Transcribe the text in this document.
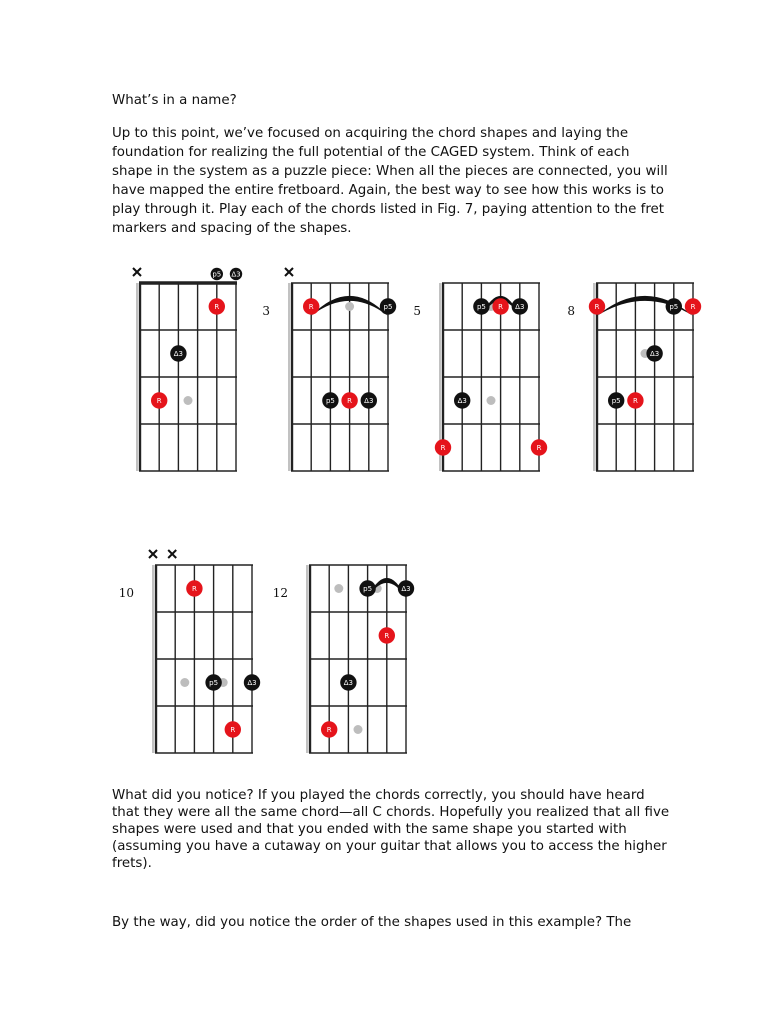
What’s in a name?

Up to this point, we’ve focused on acquiring the chord shapes and laying the foundation for realizing the full potential of the CAGED system. Think of each shape in the system as a puzzle piece: When all the pieces are connected, you will have mapped the entire fretboard. Again, the best way to see how this works is to play through it. Play each of the chords listed in Fig. 7, paying attention to the fret markers and spacing of the shapes.

p5 Δ3
R
Δ3
R
3	R	p5
p5 R Δ3
5	p5 R Δ3
Δ3
R	R
8	R	p5 R
Δ3
p5 R
10	R
p5	Δ3
R
12	p5	Δ3
R
Δ3
R

What did you notice? If you played the chords correctly, you should have heard that they were all the same chord—all C chords. Hopefully you realized that all five shapes were used and that you ended with the same shape you started with (assuming you have a cutaway on your guitar that allows you to access the higher frets).

By the way, did you notice the order of the shapes used in this example? The
